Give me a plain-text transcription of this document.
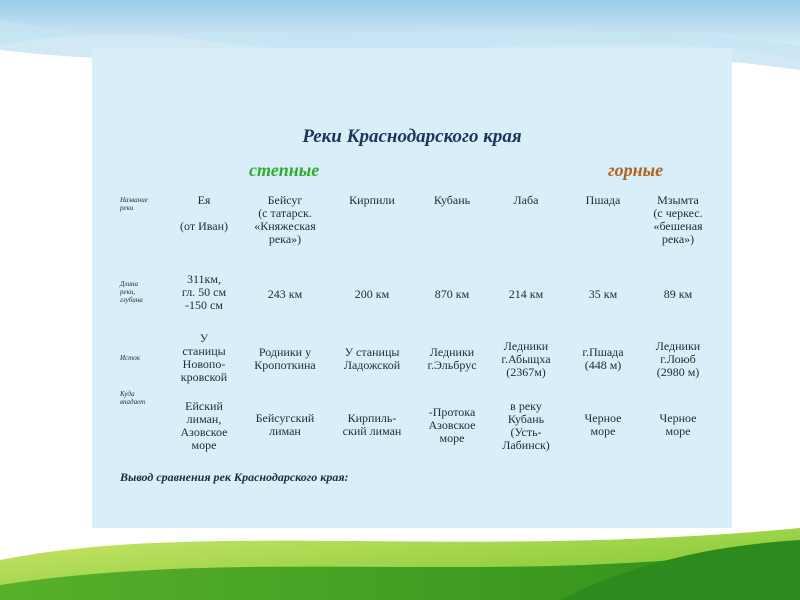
Реки Краснодарского края
степные	горные
Название
реки
Длина
реки,
глубина
Исток
Куда
впадает
Ея

(от Иван)
311км,
гл. 50 см
-150 см
У
станицы
Новопо-
кровской
Ейский
лиман,
Азовское
море
Бейсуг
(с татарск.
«Княжеская
река»)
243 км
Родники у
Кропоткина
Бейсугский
лиман
Кирпили
200 км
У станицы
Ладожской
Кирпиль-
ский лиман
Кубань
870 км
Ледники
г.Эльбрус
-Протока
Азовское
море
Лаба
214 км
Ледники
г.Абыщха
(2367м)
в реку
Кубань
(Усть-
Лабинск)
Пшада
35 км
г.Пшада
(448 м)
Черное
море
Мзымта
(с черкес.
«бешеная
река»)
89 км
Ледники
г.Лоюб
(2980 м)
Черное
море
Вывод сравнения рек Краснодарского края:
